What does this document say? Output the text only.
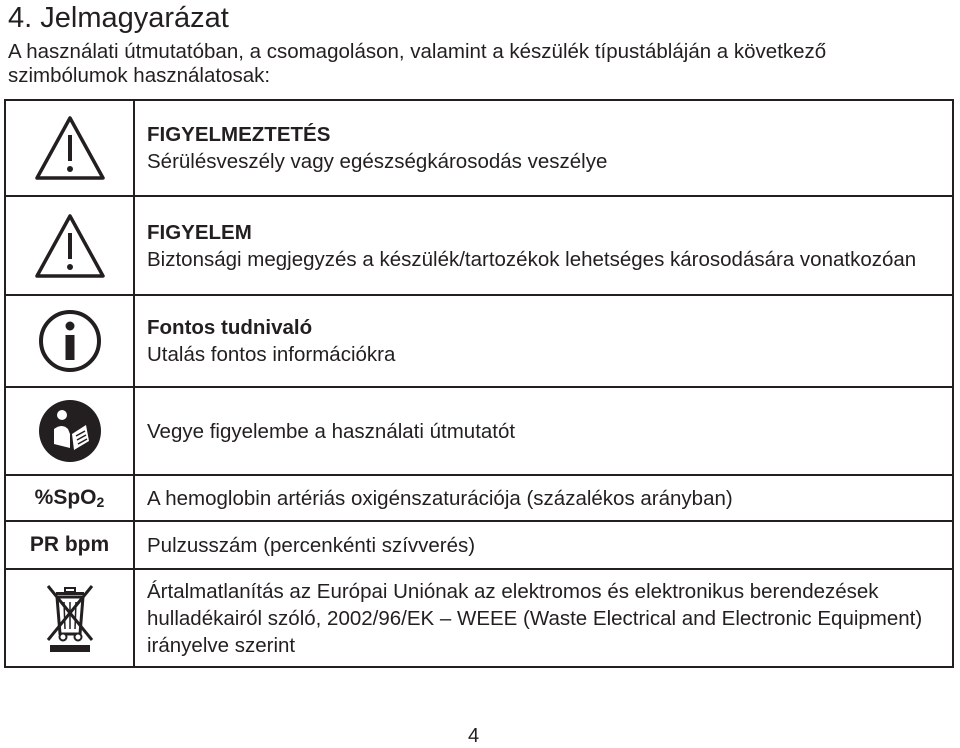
4. Jelmagyarázat
A használati útmutatóban, a csomagoláson, valamint a készülék típustábláján a következő szimbólumok használatosak:

FIGYELMEZTETÉS
Sérülésveszély vagy egészségkárosodás veszélye

FIGYELEM
Biztonsági megjegyzés a készülék/tartozékok lehetséges károsodására vonatkozóan

Fontos tudnivaló
Utalás fontos információkra

Vegye figyelembe a használati útmutatót

%SpO$_2$	A hemoglobin artériás oxigénszaturációja (százalékos arányban)

PR bpm	Pulzusszám (percenkénti szívverés)

Ártalmatlanítás az Európai Uniónak az elektromos és elektronikus berendezések hulladékairól szóló, 2002/96/EK – WEEE (Waste Electrical and Electronic Equipment) irányelve szerint
4
